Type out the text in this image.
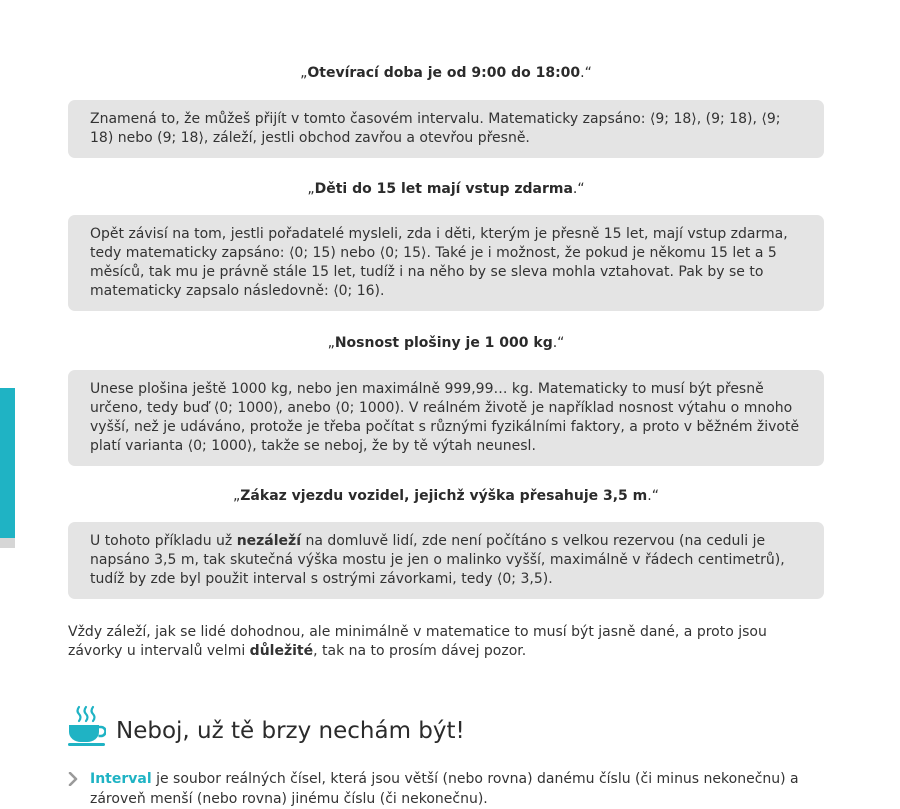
„Otevírací doba je od 9:00 do 18:00.“
Znamená to, že můžeš přijít v tomto časovém intervalu. Matematicky zapsáno: ⟨9; 18⟩, (9; 18), ⟨9; 18) nebo (9; 18⟩, záleží, jestli obchod zavřou a otevřou přesně.
„Děti do 15 let mají vstup zdarma.“
Opět závisí na tom, jestli pořadatelé mysleli, zda i děti, kterým je přesně 15 let, mají vstup zdarma, tedy matematicky zapsáno: ⟨0; 15) nebo ⟨0; 15⟩. Také je i možnost, že pokud je někomu 15 let a 5 měsíců, tak mu je právně stále 15 let, tudíž i na něho by se sleva mohla vztahovat. Pak by se to matematicky zapsalo následovně: ⟨0; 16).
„Nosnost plošiny je 1 000 kg.“
Unese plošina ještě 1000 kg, nebo jen maximálně 999,99… kg. Matematicky to musí být přesně určeno, tedy buď ⟨0; 1000⟩, anebo ⟨0; 1000). V reálném životě je například nosnost výtahu o mnoho vyšší, než je udáváno, protože je třeba počítat s různými fyzikálními faktory, a proto v běžném životě platí varianta ⟨0; 1000⟩, takže se neboj, že by tě výtah neunesl.
„Zákaz vjezdu vozidel, jejichž výška přesahuje 3,5 m.“
U tohoto příkladu už nezáleží na domluvě lidí, zde není počítáno s velkou rezervou (na ceduli je napsáno 3,5 m, tak skutečná výška mostu je jen o malinko vyšší, maximálně v řádech centimetrů), tudíž by zde byl použit interval s ostrými závorkami, tedy ⟨0; 3,5).
Vždy záleží, jak se lidé dohodnou, ale minimálně v matematice to musí být jasně dané, a proto jsou závorky u intervalů velmi důležité, tak na to prosím dávej pozor.
Neboj, už tě brzy nechám být!
Interval je soubor reálných čísel, která jsou větší (nebo rovna) danému číslu (či minus nekonečnu) a zároveň menší (nebo rovna) jinému číslu (či nekonečnu).
